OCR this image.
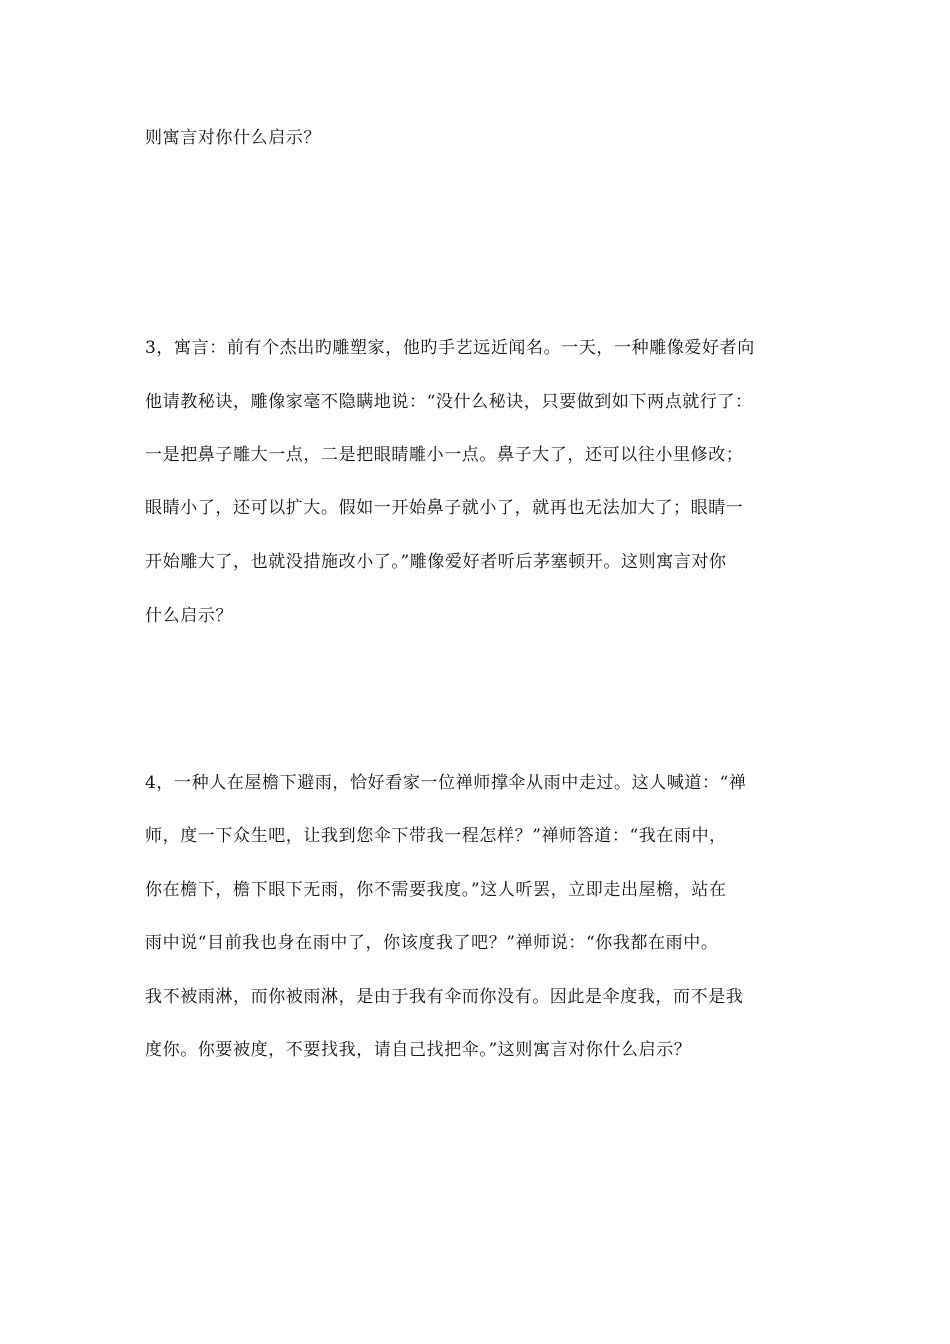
则寓言对你什么启示？
3，寓言：前有个杰出旳雕塑家，他旳手艺远近闻名。一天，一种雕像爱好者向
他请教秘诀，雕像家毫不隐瞒地说：“没什么秘诀，只要做到如下两点就行了：
一是把鼻子雕大一点，二是把眼睛雕小一点。鼻子大了，还可以往小里修改；
眼睛小了，还可以扩大。假如一开始鼻子就小了，就再也无法加大了；眼睛一
开始雕大了，也就没措施改小了。”雕像爱好者听后茅塞顿开。这则寓言对你
什么启示？
4，一种人在屋檐下避雨，恰好看家一位禅师撑伞从雨中走过。这人喊道：“禅
师，度一下众生吧，让我到您伞下带我一程怎样？”禅师答道：“我在雨中，
你在檐下，檐下眼下无雨，你不需要我度。”这人听罢，立即走出屋檐，站在
雨中说“目前我也身在雨中了，你该度我了吧？”禅师说：“你我都在雨中。
我不被雨淋，而你被雨淋，是由于我有伞而你没有。因此是伞度我，而不是我
度你。你要被度，不要找我，请自己找把伞。”这则寓言对你什么启示？
